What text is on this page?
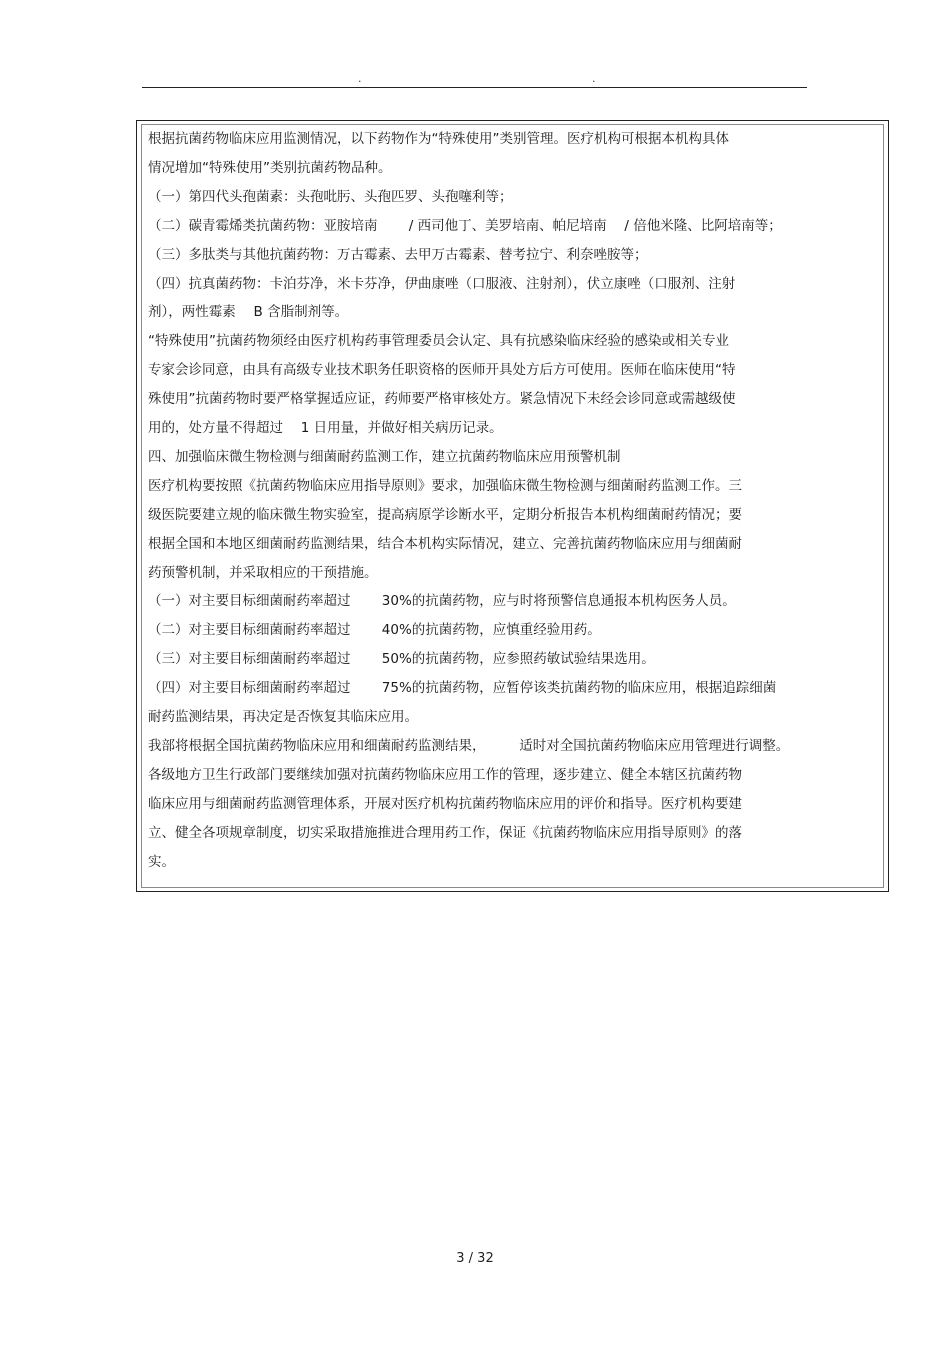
.	.
根据抗菌药物临床应用监测情况，以下药物作为“特殊使用”类别管理。医疗机构可根据本机构具体
情况增加“特殊使用”类别抗菌药物品种。
（一）第四代头孢菌素：头孢吡肟、头孢匹罗、头孢噻利等；
（二）碳青霉烯类抗菌药物：亚胺培南　　 / 西司他丁、美罗培南、帕尼培南　 / 倍他米隆、比阿培南等；
（三）多肽类与其他抗菌药物：万古霉素、去甲万古霉素、替考拉宁、利奈唑胺等；
（四）抗真菌药物：卡泊芬净，米卡芬净，伊曲康唑（口服液、注射剂），伏立康唑（口服剂、注射
剂），两性霉素　 B 含脂制剂等。
“特殊使用”抗菌药物须经由医疗机构药事管理委员会认定、具有抗感染临床经验的感染或相关专业
专家会诊同意，由具有高级专业技术职务任职资格的医师开具处方后方可使用。医师在临床使用“特
殊使用”抗菌药物时要严格掌握适应证，药师要严格审核处方。紧急情况下未经会诊同意或需越级使
用的，处方量不得超过　 1 日用量，并做好相关病历记录。
四、加强临床微生物检测与细菌耐药监测工作，建立抗菌药物临床应用预警机制
医疗机构要按照《抗菌药物临床应用指导原则》要求，加强临床微生物检测与细菌耐药监测工作。三
级医院要建立规的临床微生物实验室，提高病原学诊断水平，定期分析报告本机构细菌耐药情况；要
根据全国和本地区细菌耐药监测结果，结合本机构实际情况，建立、完善抗菌药物临床应用与细菌耐
药预警机制，并采取相应的干预措施。
（一）对主要目标细菌耐药率超过　　 30%的抗菌药物，应与时将预警信息通报本机构医务人员。
（二）对主要目标细菌耐药率超过　　 40%的抗菌药物，应慎重经验用药。
（三）对主要目标细菌耐药率超过　　 50%的抗菌药物，应参照药敏试验结果选用。
（四）对主要目标细菌耐药率超过　　 75%的抗菌药物，应暂停该类抗菌药物的临床应用，根据追踪细菌
耐药监测结果，再决定是否恢复其临床应用。
我部将根据全国抗菌药物临床应用和细菌耐药监测结果，　　　适时对全国抗菌药物临床应用管理进行调整。
各级地方卫生行政部门要继续加强对抗菌药物临床应用工作的管理，逐步建立、健全本辖区抗菌药物
临床应用与细菌耐药监测管理体系，开展对医疗机构抗菌药物临床应用的评价和指导。医疗机构要建
立、健全各项规章制度，切实采取措施推进合理用药工作，保证《抗菌药物临床应用指导原则》的落
实。
3 / 32
